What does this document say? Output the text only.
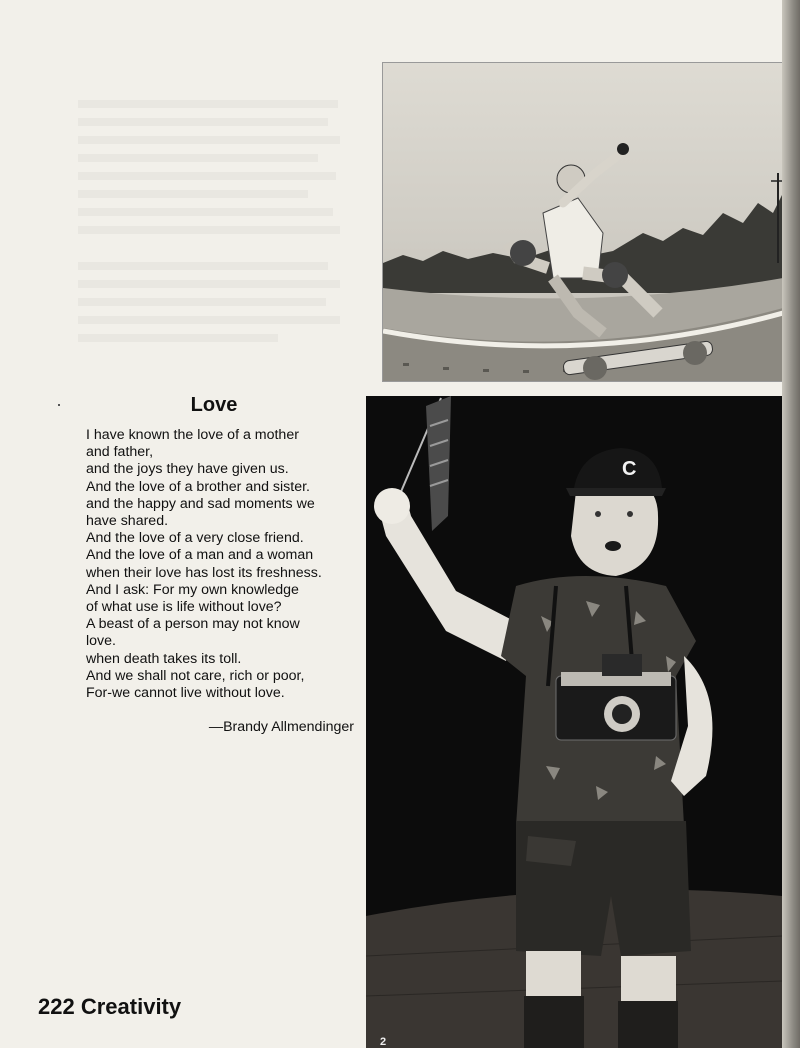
C
2
Love
I have known the love of a mother
and father,
and the joys they have given us.
And the love of a brother and sister.
and the happy and sad moments we
have shared.
And the love of a very close friend.
And the love of a man and a woman
when their love has lost its freshness.
And I ask: For my own knowledge
of what use is life without love?
A beast of a person may not know
love.
when death takes its toll.
And we shall not care, rich or poor,
For-we cannot live without love.
—Brandy Allmendinger
222 Creativity
